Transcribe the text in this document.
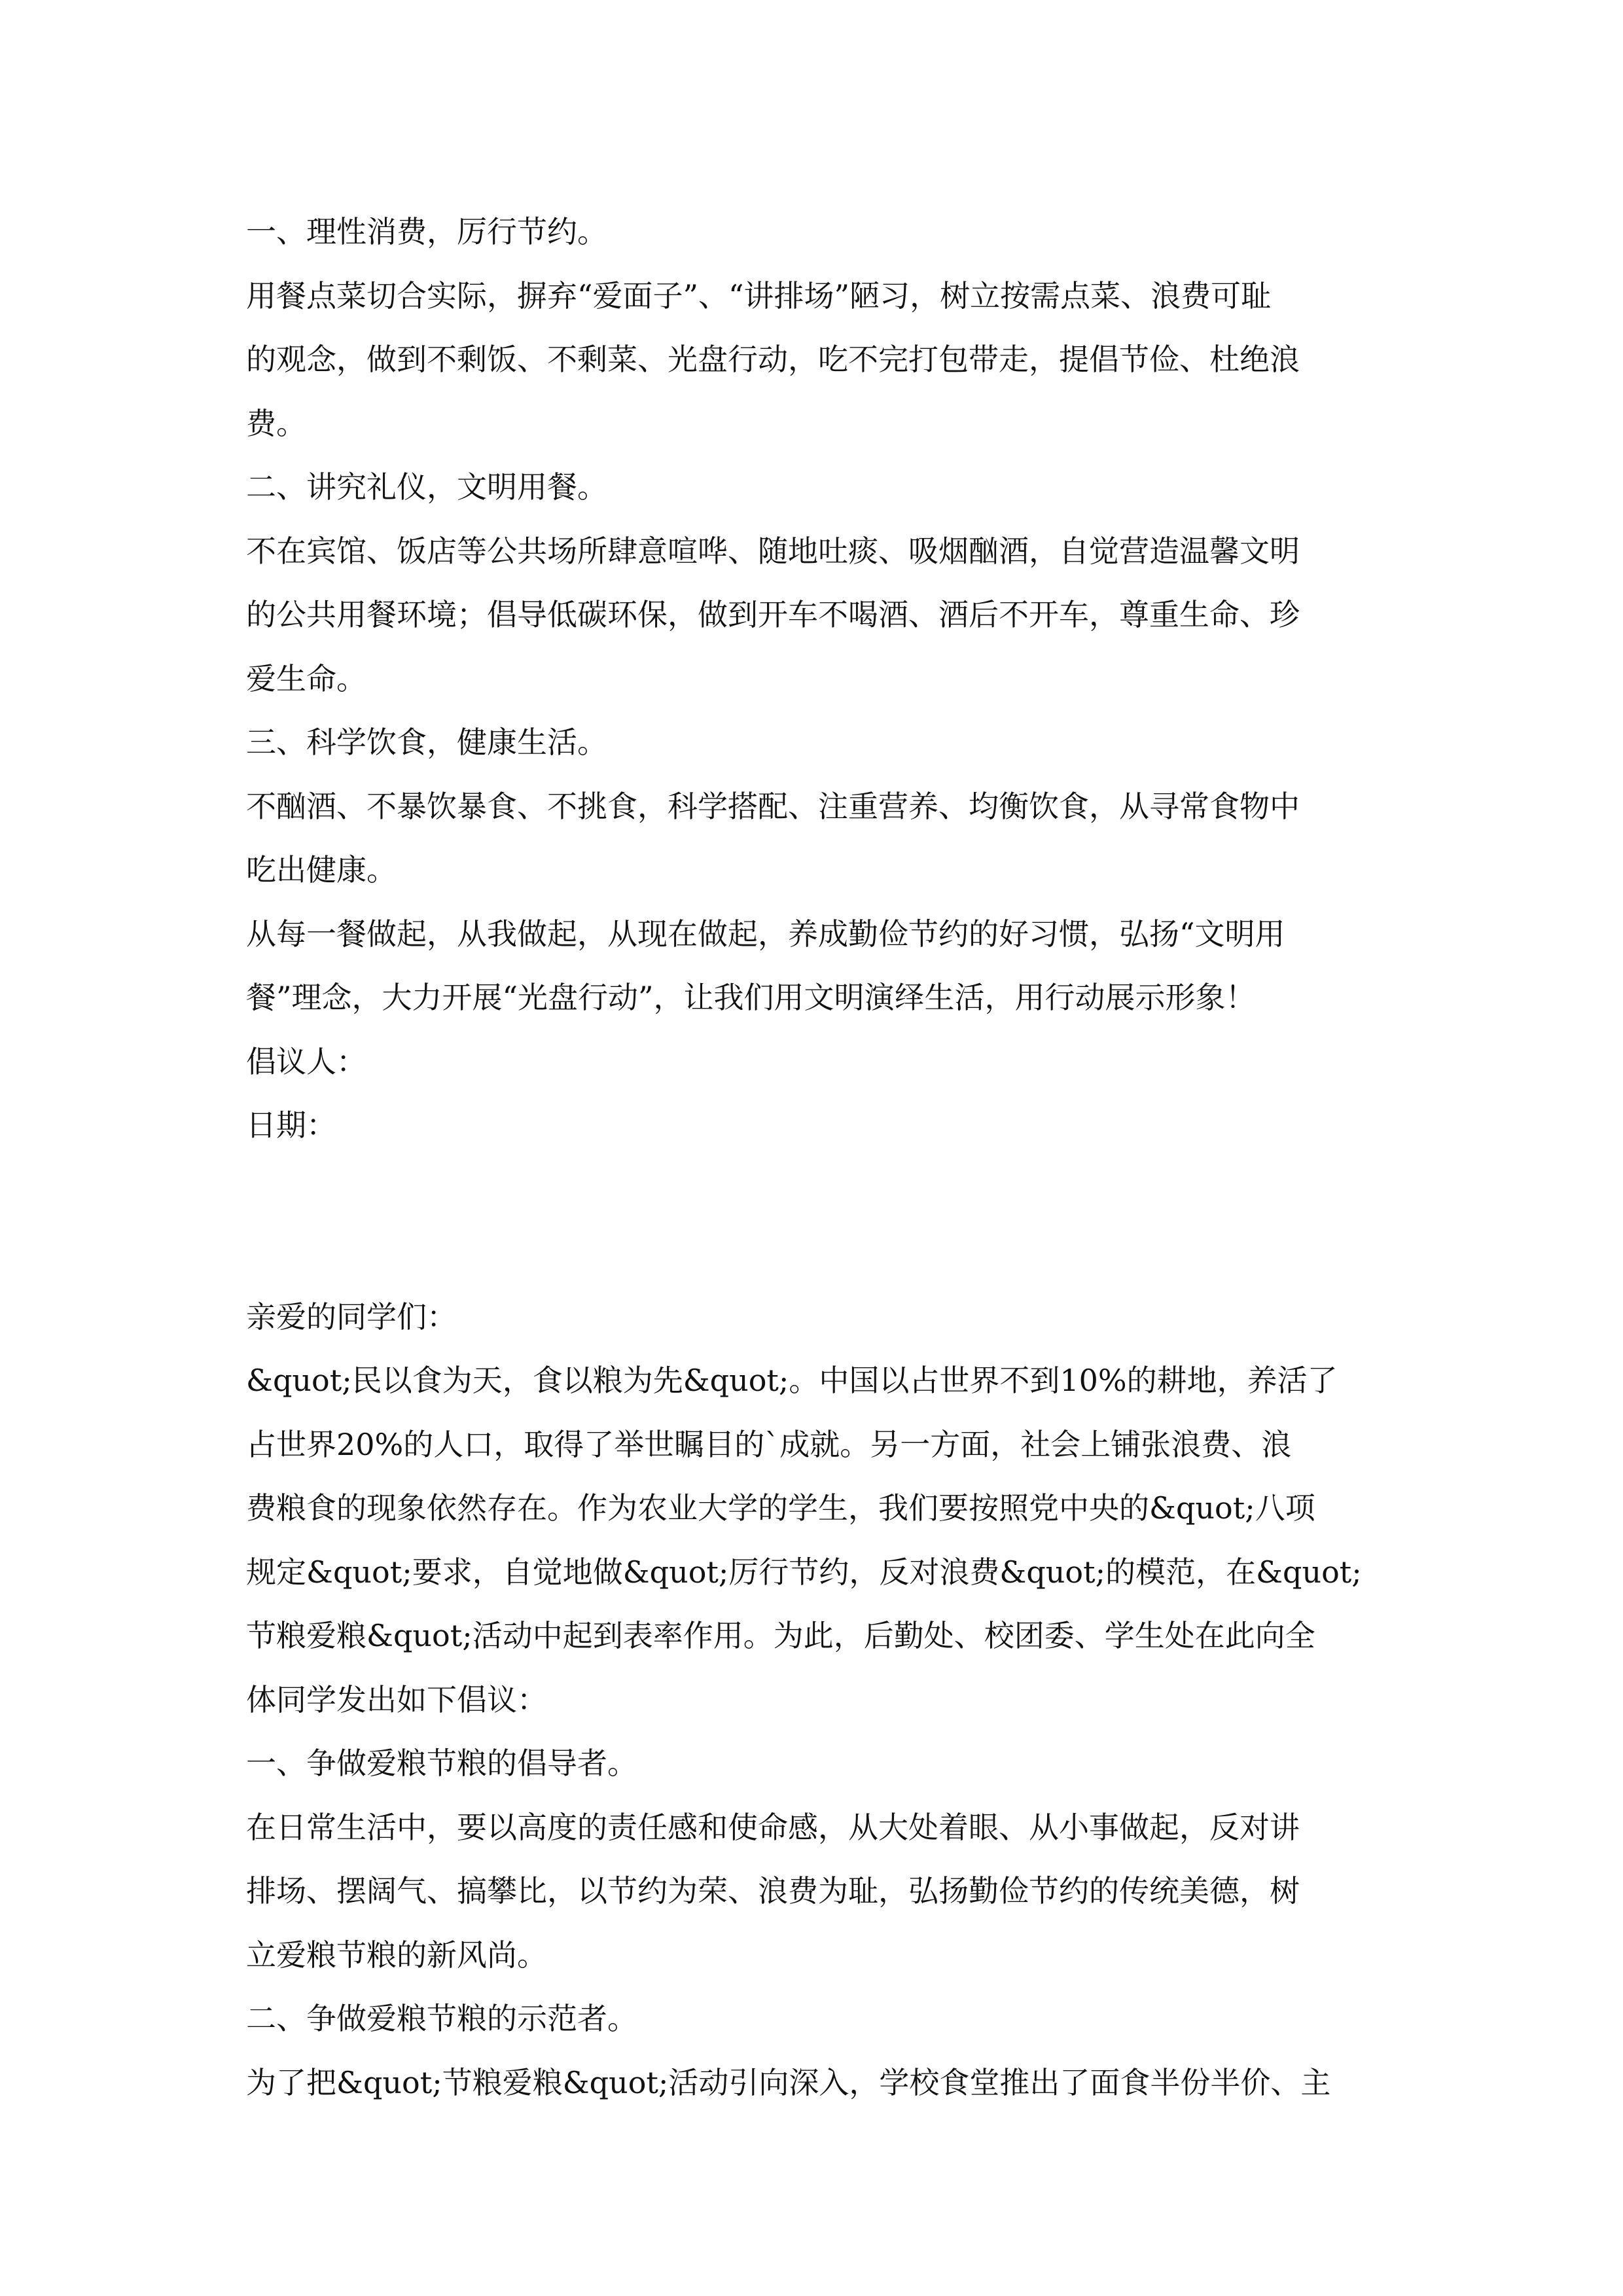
一、理性消费，厉行节约。
用餐点菜切合实际，摒弃“爱面子”、“讲排场”陋习，树立按需点菜、浪费可耻
的观念，做到不剩饭、不剩菜、光盘行动，吃不完打包带走，提倡节俭、杜绝浪
费。
二、讲究礼仪，文明用餐。
不在宾馆、饭店等公共场所肆意喧哗、随地吐痰、吸烟酗酒，自觉营造温馨文明
的公共用餐环境；倡导低碳环保，做到开车不喝酒、酒后不开车，尊重生命、珍
爱生命。
三、科学饮食，健康生活。
不酗酒、不暴饮暴食、不挑食，科学搭配、注重营养、均衡饮食，从寻常食物中
吃出健康。
从每一餐做起，从我做起，从现在做起，养成勤俭节约的好习惯，弘扬“文明用
餐”理念，大力开展“光盘行动”，让我们用文明演绎生活，用行动展示形象！
倡议人：
日期：
亲爱的同学们：
&quot;民以食为天，食以粮为先&quot;。中国以占世界不到10%的耕地，养活了
占世界20%的人口，取得了举世瞩目的`成就。另一方面，社会上铺张浪费、浪
费粮食的现象依然存在。作为农业大学的学生，我们要按照党中央的&quot;八项
规定&quot;要求，自觉地做&quot;厉行节约，反对浪费&quot;的模范，在&quot;
节粮爱粮&quot;活动中起到表率作用。为此，后勤处、校团委、学生处在此向全
体同学发出如下倡议：
一、争做爱粮节粮的倡导者。
在日常生活中，要以高度的责任感和使命感，从大处着眼、从小事做起，反对讲
排场、摆阔气、搞攀比，以节约为荣、浪费为耻，弘扬勤俭节约的传统美德，树
立爱粮节粮的新风尚。
二、争做爱粮节粮的示范者。
为了把&quot;节粮爱粮&quot;活动引向深入，学校食堂推出了面食半份半价、主
